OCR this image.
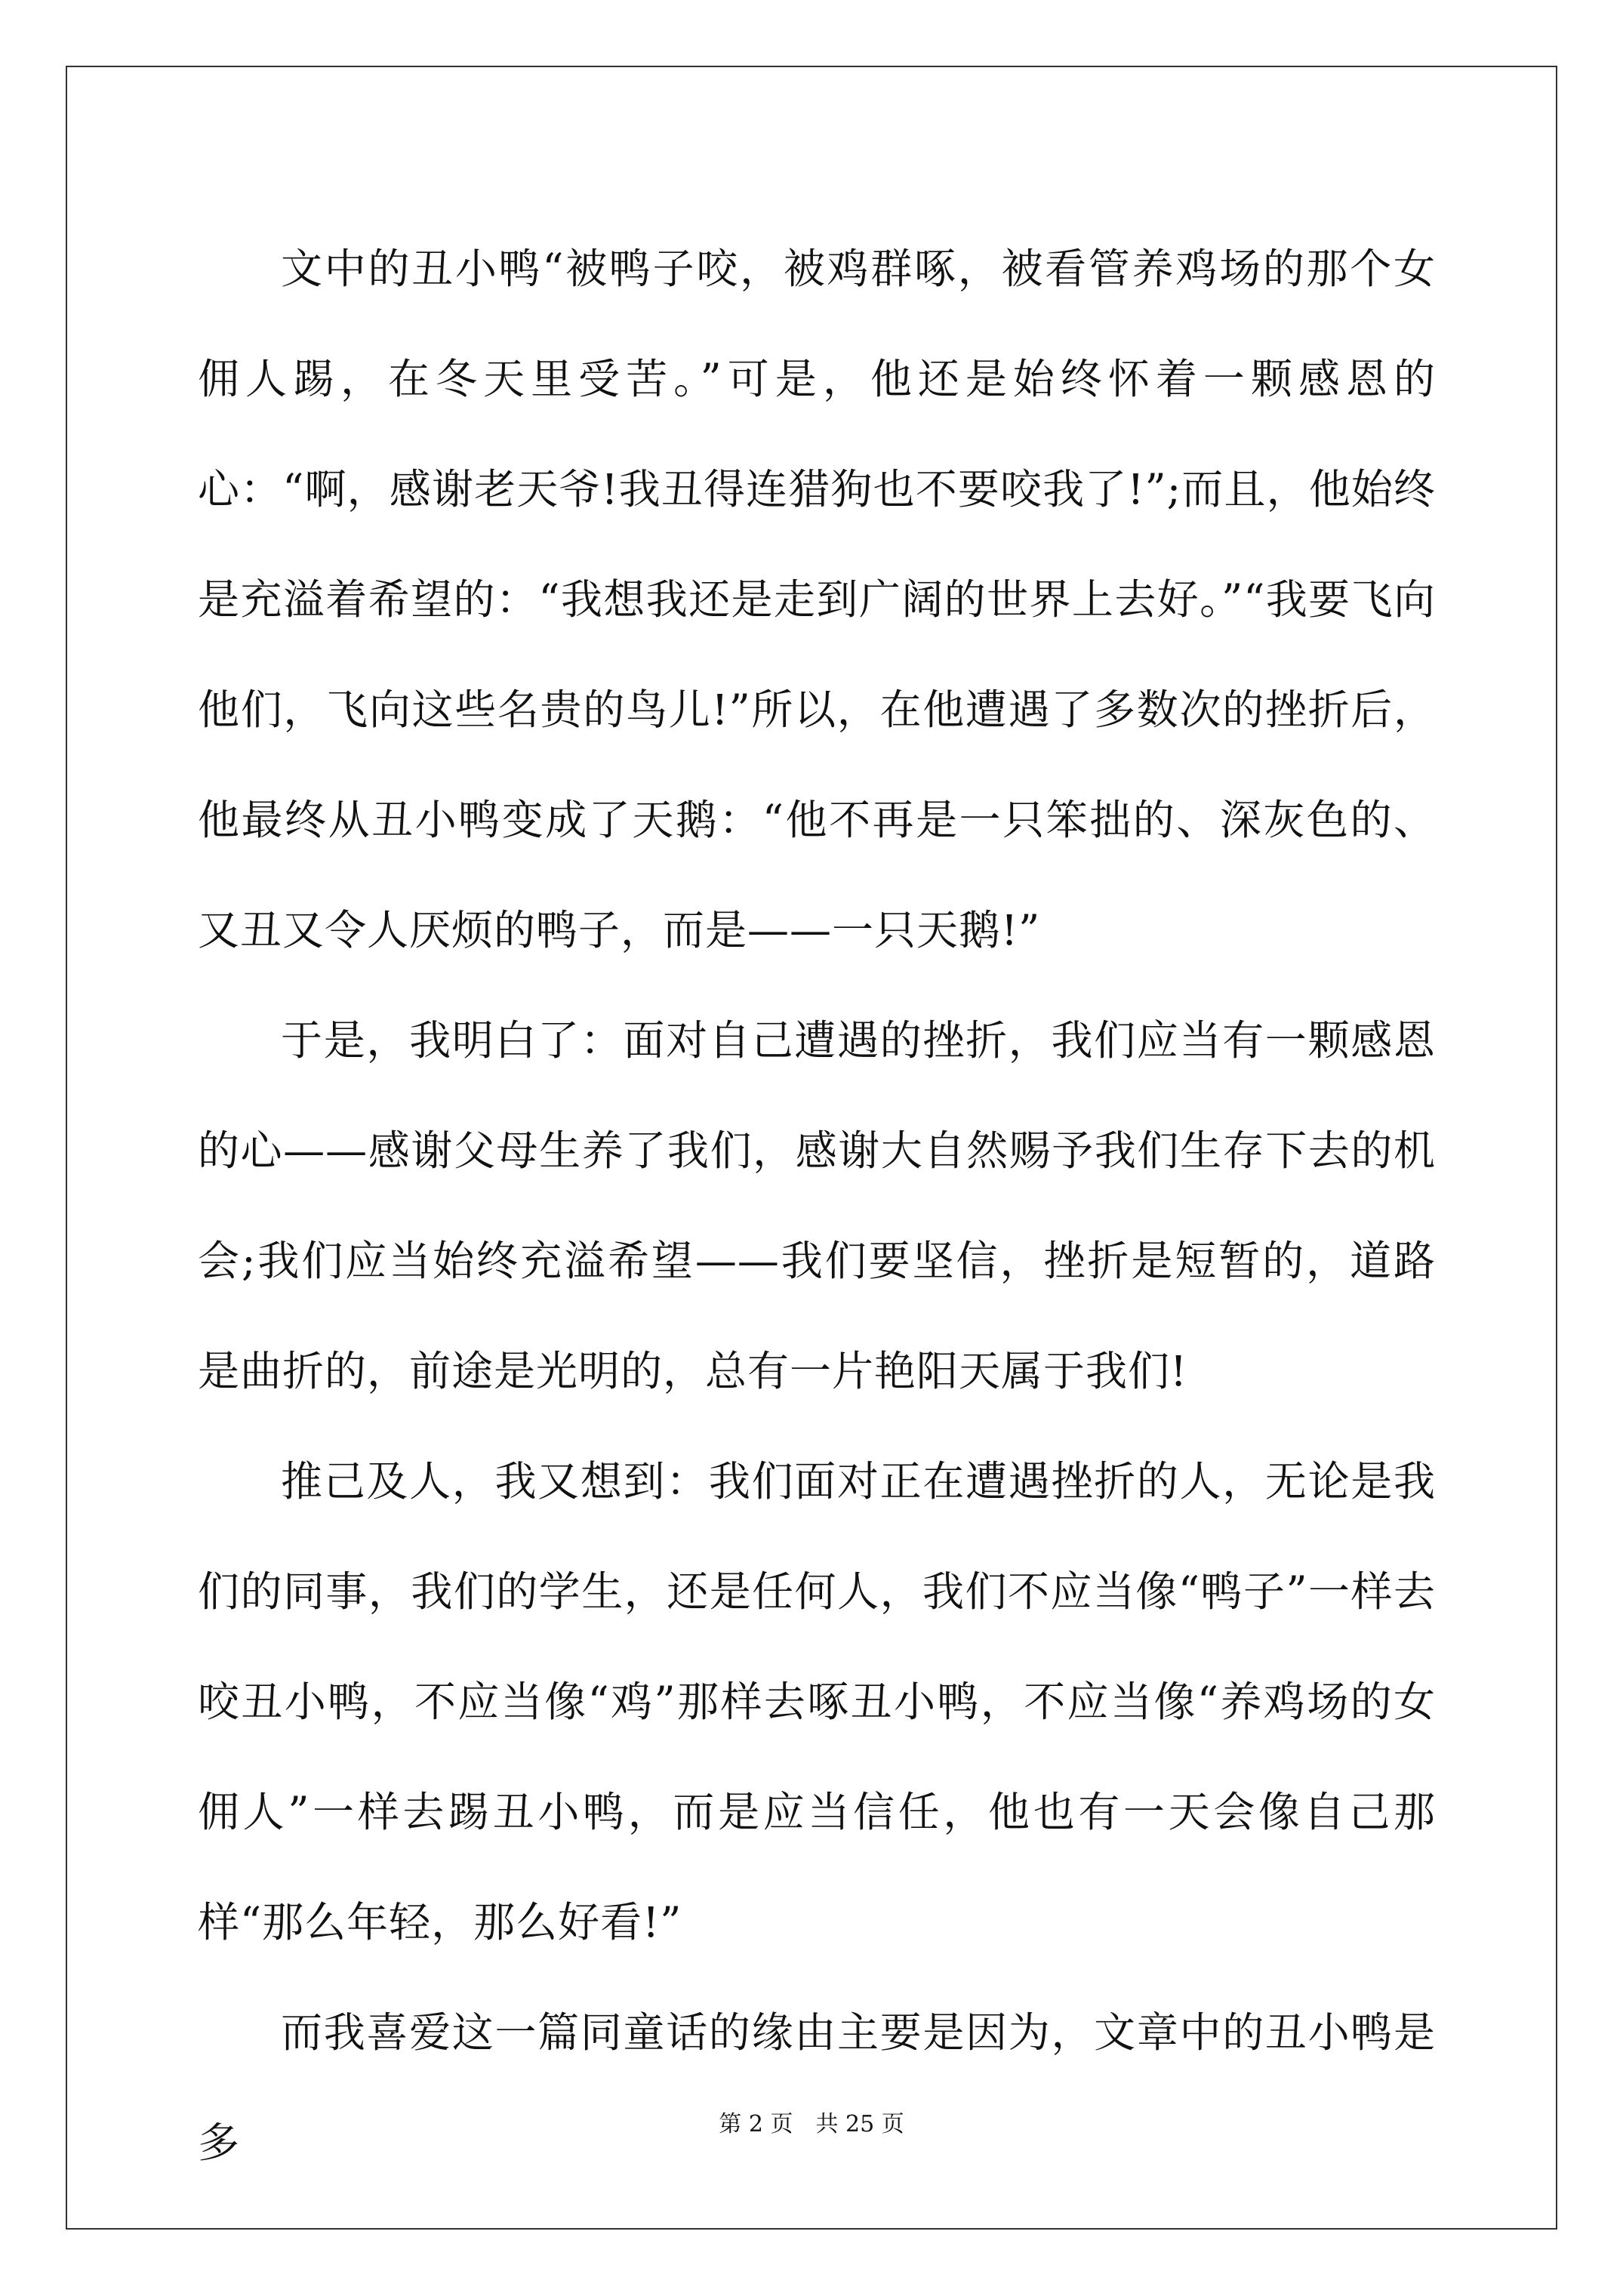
文中的丑小鸭“被鸭子咬，被鸡群啄，被看管养鸡场的那个女佣人踢，在冬天里受苦。”可是，他还是始终怀着一颗感恩的心：“啊，感谢老天爷!我丑得连猎狗也不要咬我了!”;而且，他始终是充溢着希望的：“我想我还是走到广阔的世界上去好。”“我要飞向他们，飞向这些名贵的鸟儿!”所以，在他遭遇了多数次的挫折后，他最终从丑小鸭变成了天鹅：“他不再是一只笨拙的、深灰色的、又丑又令人厌烦的鸭子，而是——一只天鹅!”

于是，我明白了：面对自己遭遇的挫折，我们应当有一颗感恩的心——感谢父母生养了我们，感谢大自然赐予我们生存下去的机会;我们应当始终充溢希望——我们要坚信，挫折是短暂的，道路是曲折的，前途是光明的，总有一片艳阳天属于我们!

推己及人，我又想到：我们面对正在遭遇挫折的人，无论是我们的同事，我们的学生，还是任何人，我们不应当像“鸭子”一样去咬丑小鸭，不应当像“鸡”那样去啄丑小鸭，不应当像“养鸡场的女佣人”一样去踢丑小鸭，而是应当信任，他也有一天会像自己那样“那么年轻，那么好看!”

而我喜爱这一篇同童话的缘由主要是因为，文章中的丑小鸭是多	第 2 页 共 25 页
